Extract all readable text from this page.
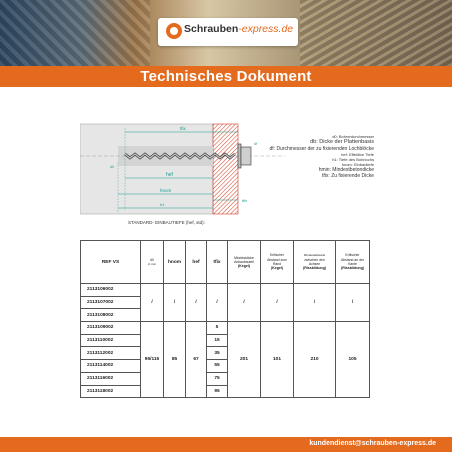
Schrauben-express.de
Technisches Dokument
tfix
hef
hnom
h1
tfix
d0
df
d0: Bohrerdurchmesser
db: Dicke der Plattenbasis
df: Durchmesser der zu fixierenden Lochblöcke
hef: Effektive Tiefe
h1: Tiefe des Bohrlochs
hnom: Einbautiefe
hmin: Mindestbetondicke
tfix: Zu fixierende Dicke
STANDARD- EINBAUTIEFE (hef, std):
REF VS	d0
in mm	hnom	hef	tfix	Mindestdicke
Anbaubauteil
(Kegel)	Kritischer
Abstand zum
Rand
(Kegel)	Mindestabstand
zwischen den
Achsen
(Rissbildung)	Kritischer
Abstand an der
Kante
(Rissbildung)
2113106002	/	/	/	/	/	/	/	/
2113107002								
2113108002								
2113109002	95/115	85	67	5	201	101	210	105
2113110002				15				
2113112002				35				
2113114002				55				
2113116002				75				
2113118002				95				
kundendienst@schrauben-express.de
